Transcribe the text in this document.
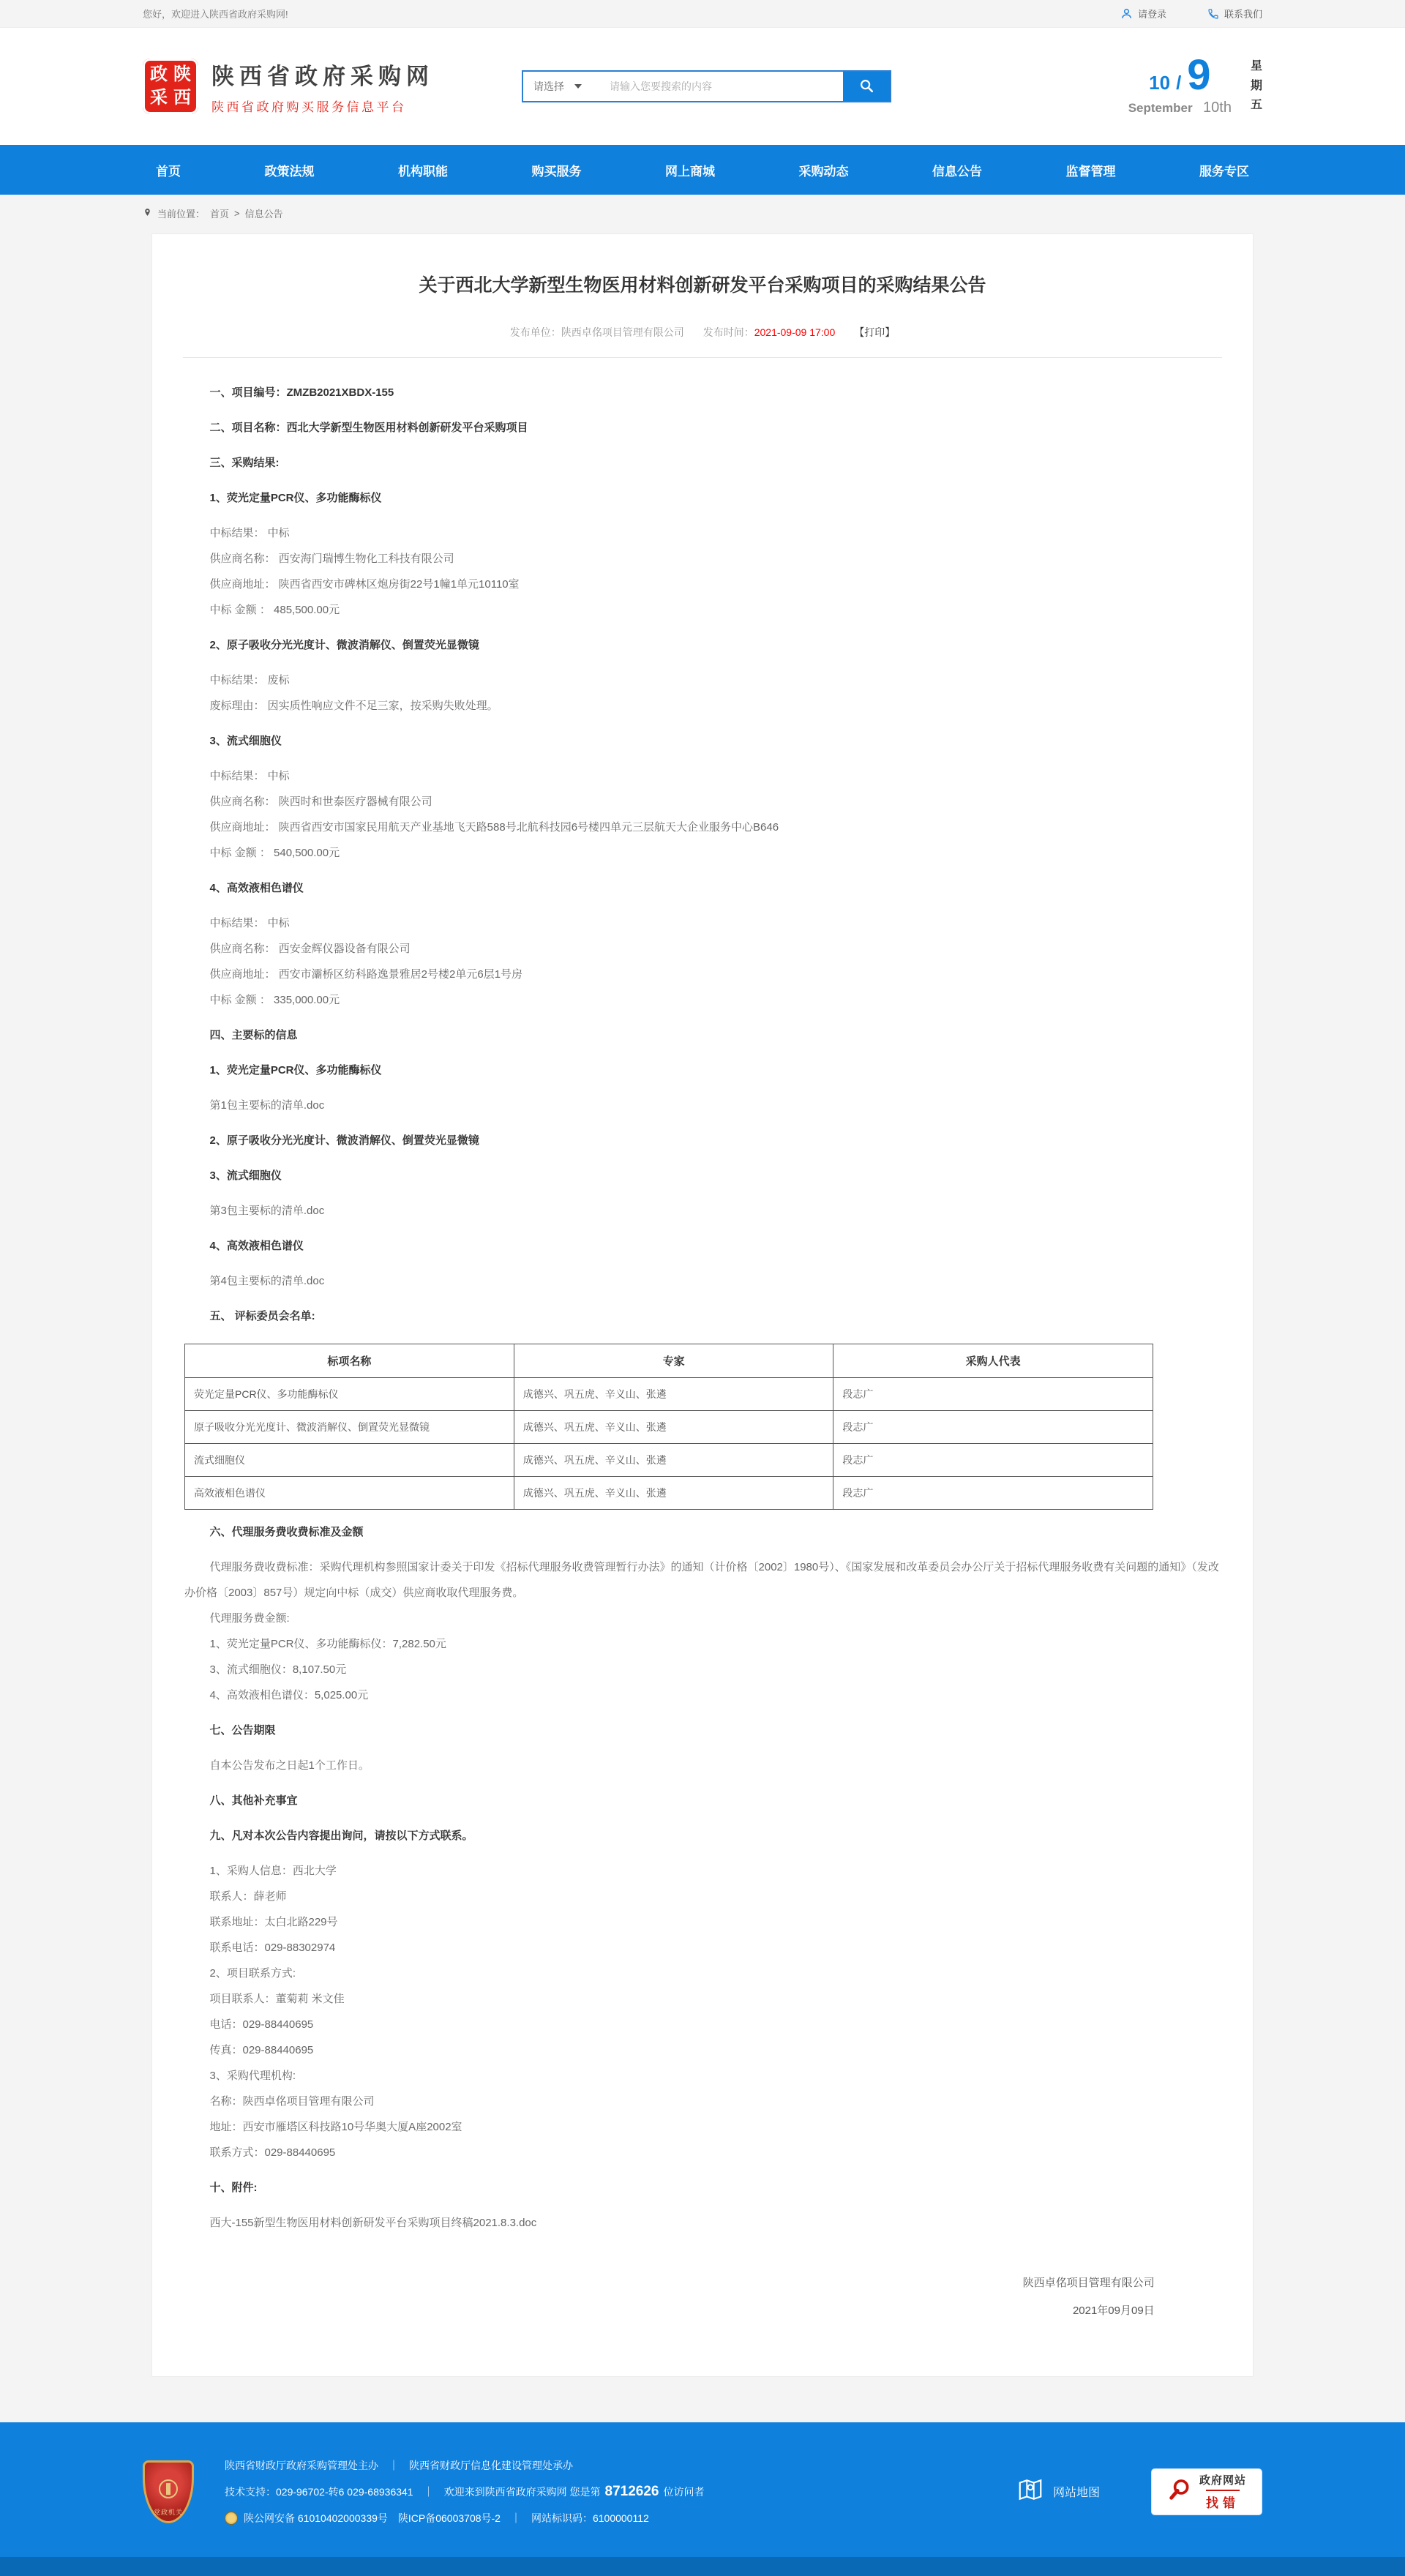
您好，欢迎进入陕西省政府采购网!	请登录	联系我们
政 陕
采 西
陕西省政府采购网
陕西省政府购买服务信息平台
请选择
请输入您要搜索的内容	10 / 9
September 10th
星
期
五
首页	政策法规	机构职能	购买服务	网上商城	采购动态	信息公告	监督管理	服务专区
当前位置： 首页 > 信息公告
关于西北大学新型生物医用材料创新研发平台采购项目的采购结果公告
发布单位：陕西卓佲项目管理有限公司 发布时间：2021-09-09 17:00 【打印】
一、项目编号：ZMZB2021XBDX-155
二、项目名称：西北大学新型生物医用材料创新研发平台采购项目
三、采购结果:
1、荧光定量PCR仪、多功能酶标仪
中标结果： 中标
供应商名称： 西安海门瑞博生物化工科技有限公司
供应商地址： 陕西省西安市碑林区炮房街22号1幢1单元10110室
中标 金额 ： 485,500.00元
2、原子吸收分光光度计、微波消解仪、倒置荧光显微镜
中标结果： 废标
废标理由： 因实质性响应文件不足三家，按采购失败处理。
3、流式细胞仪
中标结果： 中标
供应商名称： 陕西时和世泰医疗器械有限公司
供应商地址： 陕西省西安市国家民用航天产业基地飞天路588号北航科技园6号楼四单元三层航天大企业服务中心B646
中标 金额 ： 540,500.00元
4、高效液相色谱仪
中标结果： 中标
供应商名称： 西安金辉仪器设备有限公司
供应商地址： 西安市灞桥区纺科路逸景雅居2号楼2单元6层1号房
中标 金额 ： 335,000.00元
四、主要标的信息
1、荧光定量PCR仪、多功能酶标仪
第1包主要标的清单.doc
2、原子吸收分光光度计、微波消解仪、倒置荧光显微镜
3、流式细胞仪
第3包主要标的清单.doc
4、高效液相色谱仪
第4包主要标的清单.doc
五、 评标委员会名单:
标项名称	专家	采购人代表
荧光定量PCR仪、多功能酶标仪	成德兴、巩五虎、辛义山、张遴	段志广
原子吸收分光光度计、微波消解仪、倒置荧光显微镜	成德兴、巩五虎、辛义山、张遴	段志广
流式细胞仪	成德兴、巩五虎、辛义山、张遴	段志广
高效液相色谱仪	成德兴、巩五虎、辛义山、张遴	段志广
六、代理服务费收费标准及金额
代理服务费收费标准：采购代理机构参照国家计委关于印发《招标代理服务收费管理暂行办法》的通知（计价格〔2002〕1980号）、《国家发展和改革委员会办公厅关于招标代理服务收费有关问题的通知》（发改办价格〔2003〕857号）规定向中标（成交）供应商收取代理服务费。
代理服务费金额:
1、荧光定量PCR仪、多功能酶标仪：7,282.50元
3、流式细胞仪：8,107.50元
4、高效液相色谱仪：5,025.00元
七、公告期限
自本公告发布之日起1个工作日。
八、其他补充事宜
九、凡对本次公告内容提出询问，请按以下方式联系。
1、采购人信息：西北大学
联系人：薛老师
联系地址：太白北路229号
联系电话：029-88302974
2、项目联系方式:
项目联系人：董菊莉 米文佳
电话：029-88440695
传真：029-88440695
3、采购代理机构:
名称：陕西卓佲项目管理有限公司
地址：西安市雁塔区科技路10号华奥大厦A座2002室
联系方式：029-88440695
十、附件:
西大-155新型生物医用材料创新研发平台采购项目终稿2021.8.3.doc
陕西卓佲项目管理有限公司
2021年09月09日
党政机关
陕西省财政厅政府采购管理处主办　｜　陕西省财政厅信息化建设管理处承办
技术支持：029-96702-转6 029-68936341　｜　欢迎来到陕西省政府采购网 您是第 8712626 位访问者
陕公网安备 61010402000339号　陕ICP备06003708号-2　｜　网站标识码：6100000112
网站地图
政府网站
找错
